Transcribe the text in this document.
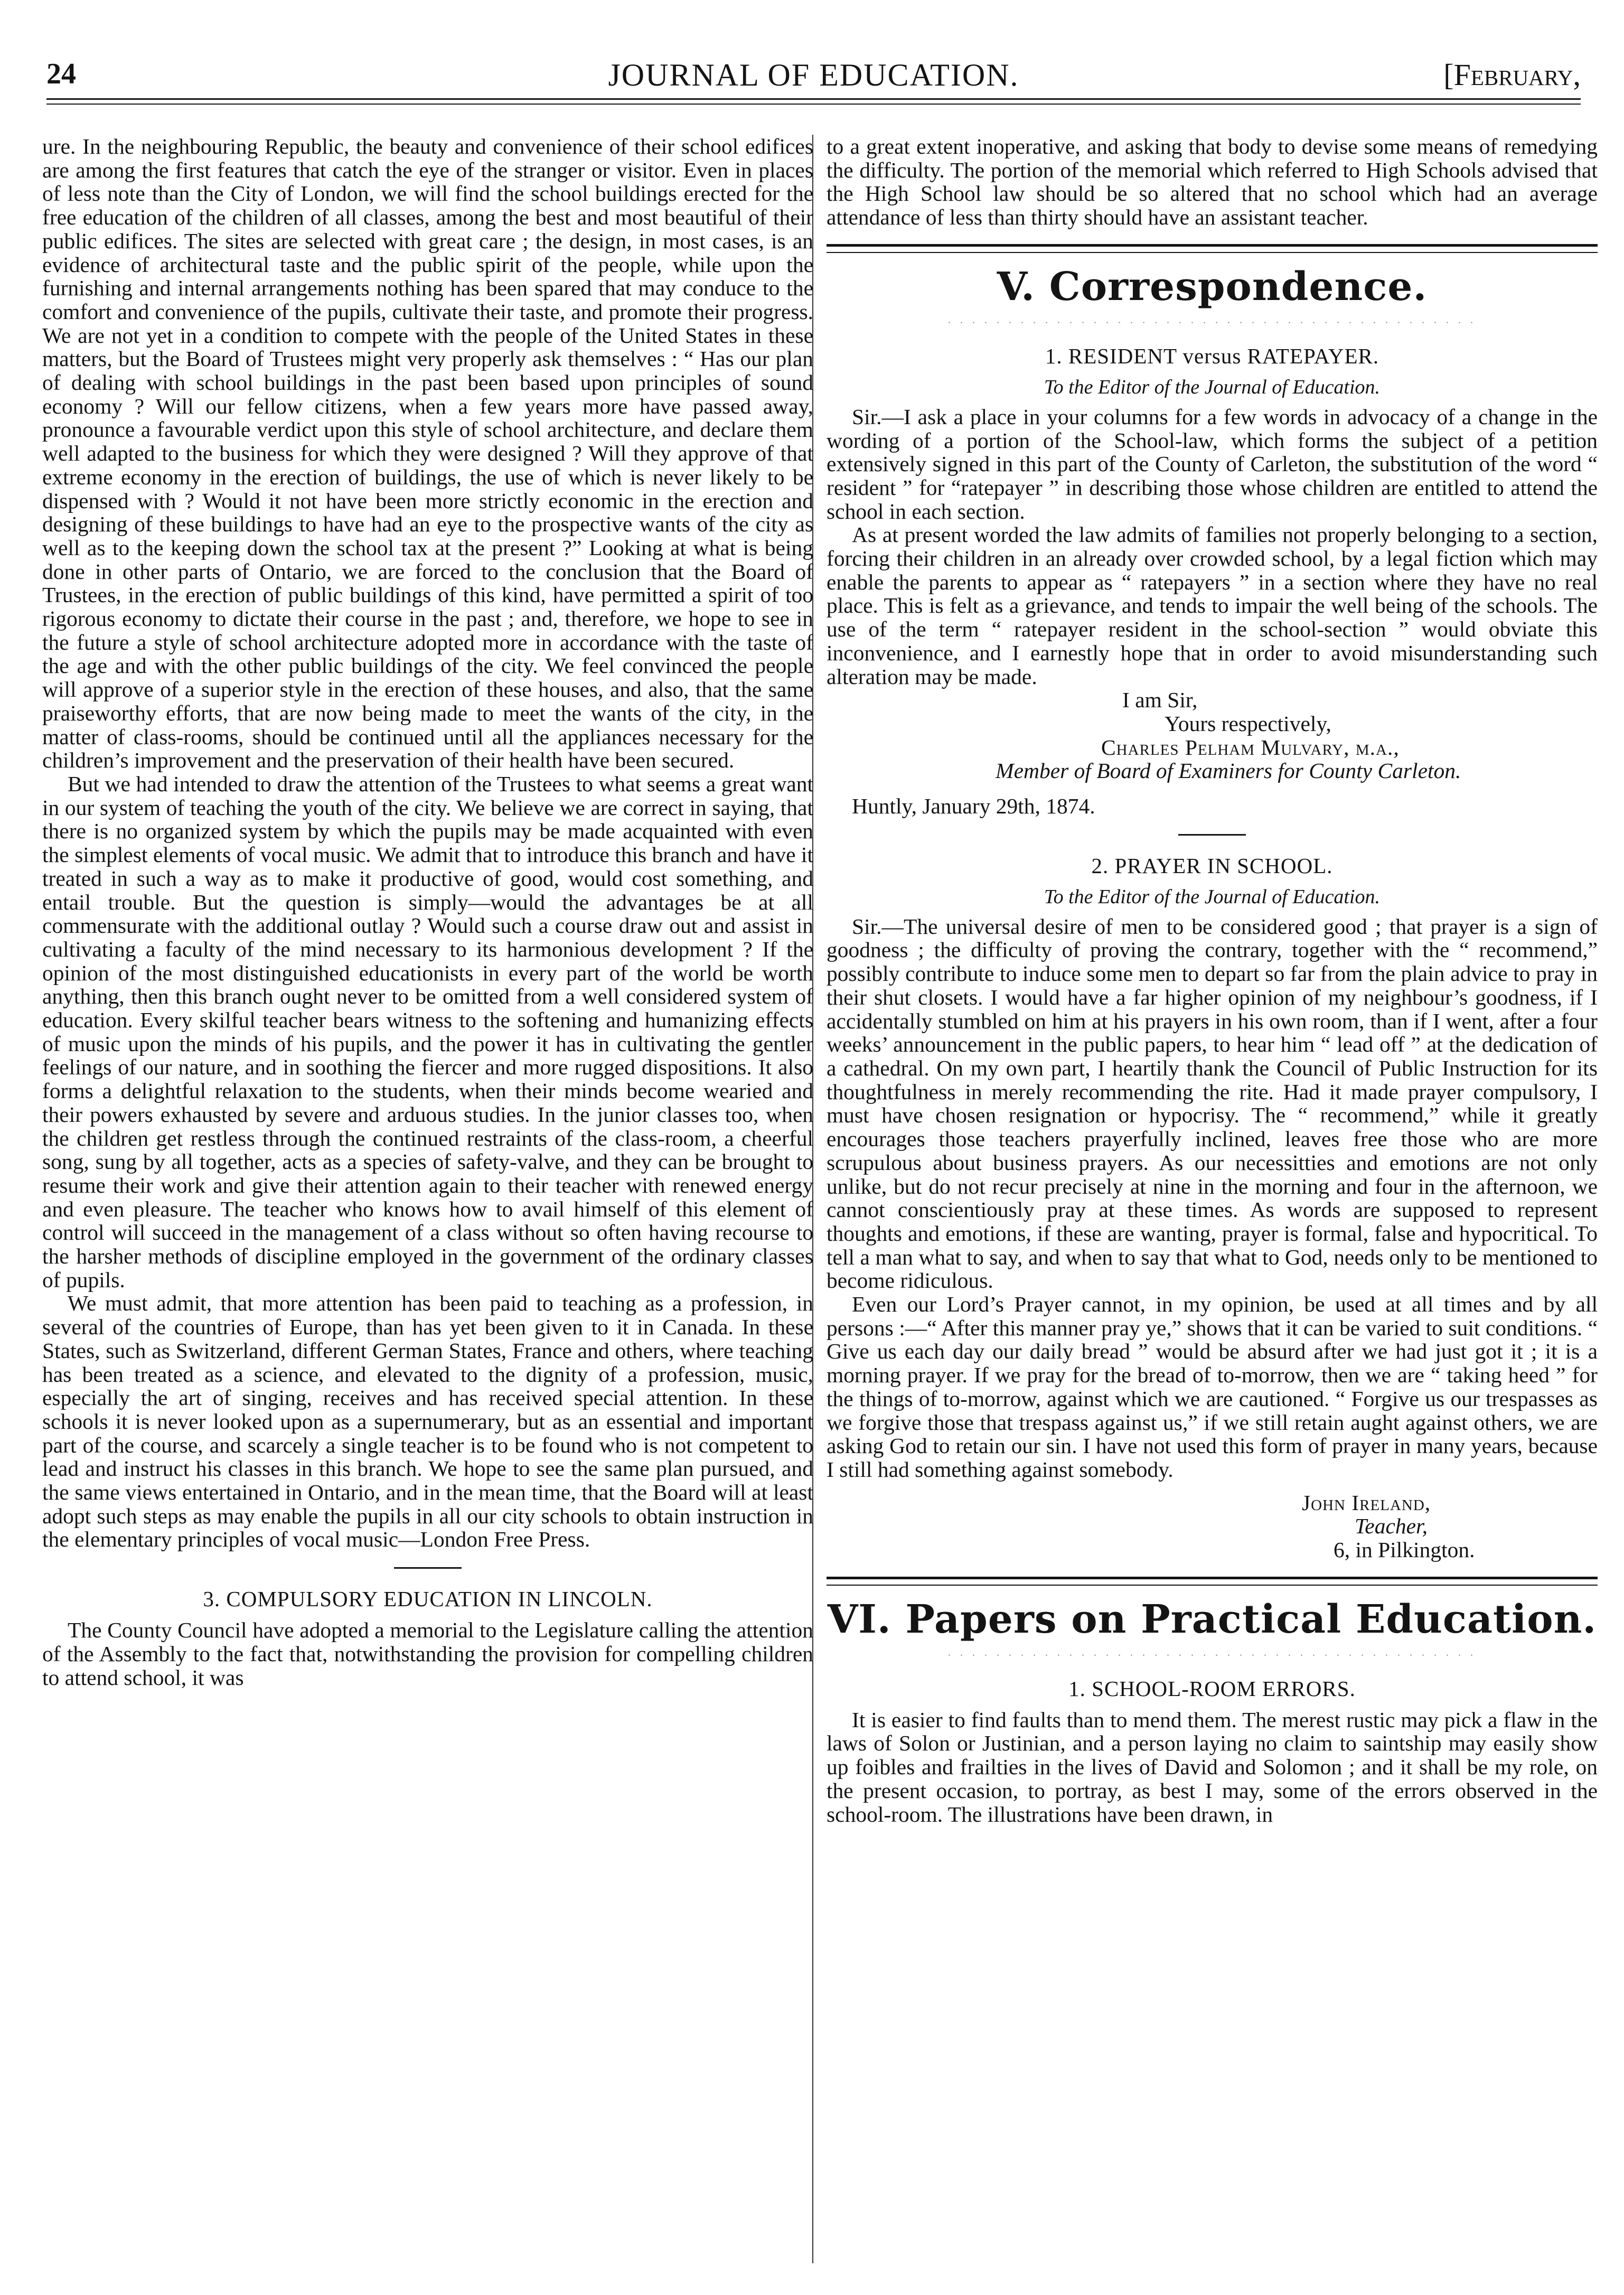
24	JOURNAL OF EDUCATION.	[February,

ure. In the neighbouring Republic, the beauty and convenience of their school edifices are among the first features that catch the eye of the stranger or visitor. Even in places of less note than the City of London, we will find the school buildings erected for the free education of the children of all classes, among the best and most beautiful of their public edifices. The sites are selected with great care ; the design, in most cases, is an evidence of architectural taste and the public spirit of the people, while upon the furnishing and internal arrangements nothing has been spared that may conduce to the comfort and convenience of the pupils, cultivate their taste, and promote their progress. We are not yet in a condition to compete with the people of the United States in these matters, but the Board of Trustees might very properly ask themselves : “ Has our plan of dealing with school buildings in the past been based upon principles of sound economy ? Will our fellow citizens, when a few years more have passed away, pronounce a favourable verdict upon this style of school architecture, and declare them well adapted to the business for which they were designed ? Will they approve of that extreme economy in the erection of buildings, the use of which is never likely to be dispensed with ? Would it not have been more strictly economic in the erection and designing of these buildings to have had an eye to the prospective wants of the city as well as to the keeping down the school tax at the present ?” Looking at what is being done in other parts of Ontario, we are forced to the conclusion that the Board of Trustees, in the erection of public buildings of this kind, have permitted a spirit of too rigorous economy to dictate their course in the past ; and, therefore, we hope to see in the future a style of school architecture adopted more in accordance with the taste of the age and with the other public buildings of the city. We feel convinced the people will approve of a superior style in the erection of these houses, and also, that the same praiseworthy efforts, that are now being made to meet the wants of the city, in the matter of class-rooms, should be continued until all the appliances necessary for the children’s improvement and the preservation of their health have been secured.

But we had intended to draw the attention of the Trustees to what seems a great want in our system of teaching the youth of the city. We believe we are correct in saying, that there is no organized system by which the pupils may be made acquainted with even the simplest elements of vocal music. We admit that to introduce this branch and have it treated in such a way as to make it productive of good, would cost something, and entail trouble. But the question is simply—would the advantages be at all commensurate with the additional outlay ? Would such a course draw out and assist in cultivating a faculty of the mind necessary to its harmonious development ? If the opinion of the most distinguished educationists in every part of the world be worth anything, then this branch ought never to be omitted from a well considered system of education. Every skilful teacher bears witness to the softening and humanizing effects of music upon the minds of his pupils, and the power it has in cultivating the gentler feelings of our nature, and in soothing the fiercer and more rugged dispositions. It also forms a delightful relaxation to the students, when their minds become wearied and their powers exhausted by severe and arduous studies. In the junior classes too, when the children get restless through the continued restraints of the class-room, a cheerful song, sung by all together, acts as a species of safety-valve, and they can be brought to resume their work and give their attention again to their teacher with renewed energy and even pleasure. The teacher who knows how to avail himself of this element of control will succeed in the management of a class without so often having recourse to the harsher methods of discipline employed in the government of the ordinary classes of pupils.

We must admit, that more attention has been paid to teaching as a profession, in several of the countries of Europe, than has yet been given to it in Canada. In these States, such as Switzerland, different German States, France and others, where teaching has been treated as a science, and elevated to the dignity of a profession, music, especially the art of singing, receives and has received special attention. In these schools it is never looked upon as a supernumerary, but as an essential and important part of the course, and scarcely a single teacher is to be found who is not competent to lead and instruct his classes in this branch. We hope to see the same plan pursued, and the same views entertained in Ontario, and in the mean time, that the Board will at least adopt such steps as may enable the pupils in all our city schools to obtain instruction in the elementary principles of vocal music—London Free Press.

3. COMPULSORY EDUCATION IN LINCOLN.

The County Council have adopted a memorial to the Legislature calling the attention of the Assembly to the fact that, notwithstanding the provision for compelling children to attend school, it was

to a great extent inoperative, and asking that body to devise some means of remedying the difficulty. The portion of the memorial which referred to High Schools advised that the High School law should be so altered that no school which had an average attendance of less than thirty should have an assistant teacher.

V. Correspondence.
. . . . . . . . . . . . . . . . . . . . . . . . . . . . . . . . . . . . . . . . . . . .
1. RESIDENT versus RATEPAYER.
To the Editor of the Journal of Education.

Sir.—I ask a place in your columns for a few words in advocacy of a change in the wording of a portion of the School-law, which forms the subject of a petition extensively signed in this part of the County of Carleton, the substitution of the word “ resident ” for “ratepayer ” in describing those whose children are entitled to attend the school in each section.

As at present worded the law admits of families not properly belonging to a section, forcing their children in an already over crowded school, by a legal fiction which may enable the parents to appear as “ ratepayers ” in a section where they have no real place. This is felt as a grievance, and tends to impair the well being of the schools. The use of the term “ ratepayer resident in the school-section ” would obviate this inconvenience, and I earnestly hope that in order to avoid misunderstanding such alteration may be made.

I am Sir,

Yours respectively,

Charles Pelham Mulvary, m.a.,

Member of Board of Examiners for County Carleton.

Huntly, January 29th, 1874.

2. PRAYER IN SCHOOL.
To the Editor of the Journal of Education.

Sir.—The universal desire of men to be considered good ; that prayer is a sign of goodness ; the difficulty of proving the contrary, together with the “ recommend,” possibly contribute to induce some men to depart so far from the plain advice to pray in their shut closets. I would have a far higher opinion of my neighbour’s goodness, if I accidentally stumbled on him at his prayers in his own room, than if I went, after a four weeks’ announcement in the public papers, to hear him “ lead off ” at the dedication of a cathedral. On my own part, I heartily thank the Council of Public Instruction for its thoughtfulness in merely recommending the rite. Had it made prayer compulsory, I must have chosen resignation or hypocrisy. The “ recommend,” while it greatly encourages those teachers prayerfully inclined, leaves free those who are more scrupulous about business prayers. As our necessitties and emotions are not only unlike, but do not recur precisely at nine in the morning and four in the afternoon, we cannot conscientiously pray at these times. As words are supposed to represent thoughts and emotions, if these are wanting, prayer is formal, false and hypocritical. To tell a man what to say, and when to say that what to God, needs only to be mentioned to become ridiculous.

Even our Lord’s Prayer cannot, in my opinion, be used at all times and by all persons :—“ After this manner pray ye,” shows that it can be varied to suit conditions. “ Give us each day our daily bread ” would be absurd after we had just got it ; it is a morning prayer. If we pray for the bread of to-morrow, then we are “ taking heed ” for the things of to-morrow, against which we are cautioned. “ Forgive us our trespasses as we forgive those that trespass against us,” if we still retain aught against others, we are asking God to retain our sin. I have not used this form of prayer in many years, because I still had something against somebody.

John Ireland,

Teacher,

6, in Pilkington.

VI. Papers on Practical Education.
. . . . . . . . . . . . . . . . . . . . . . . . . . . . . . . . . . . . . . . . . . . .
1. SCHOOL-ROOM ERRORS.

It is easier to find faults than to mend them. The merest rustic may pick a flaw in the laws of Solon or Justinian, and a person laying no claim to saintship may easily show up foibles and frailties in the lives of David and Solomon ; and it shall be my role, on the present occasion, to portray, as best I may, some of the errors observed in the school-room. The illustrations have been drawn, in
